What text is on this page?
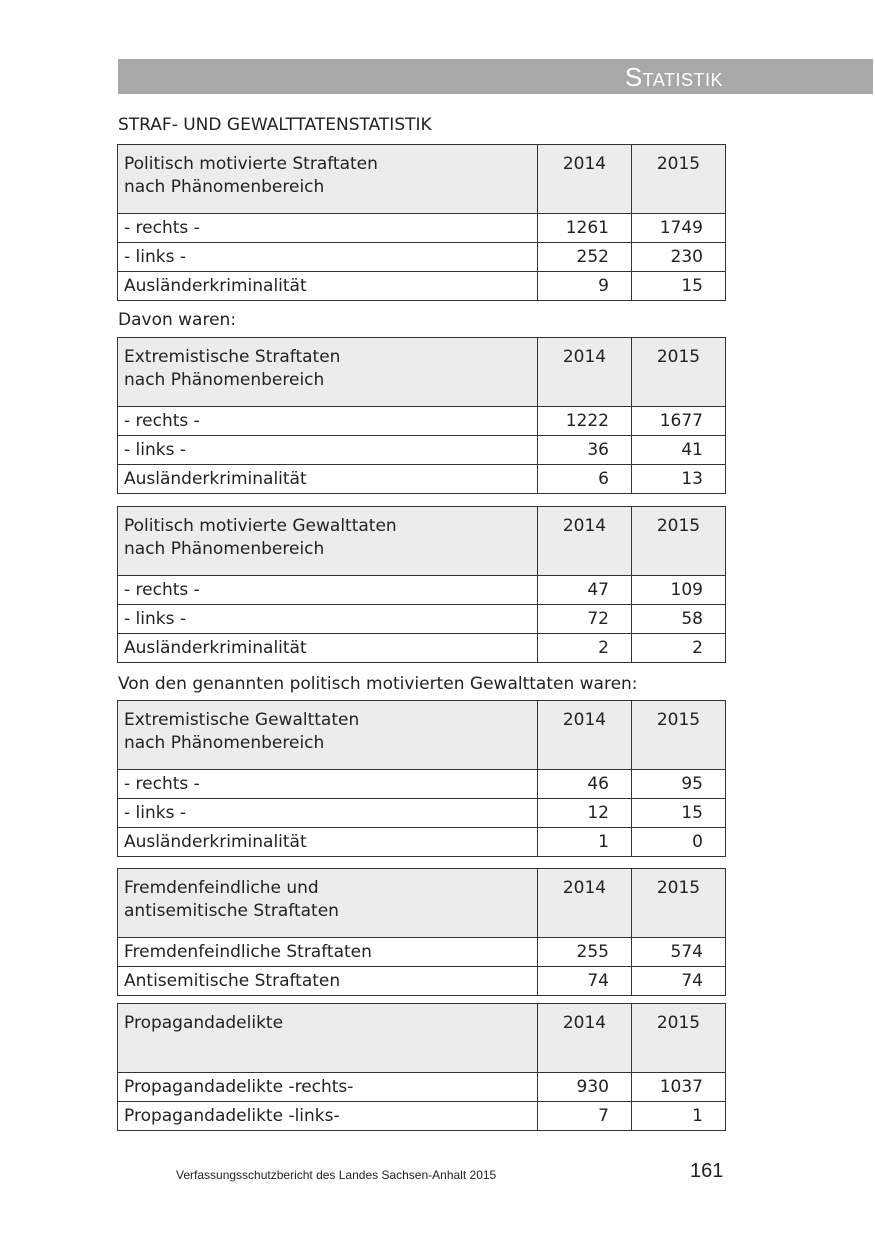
Statistik
STRAF- UND GEWALTTATENSTATISTIK
Politisch motivierte Straftaten
nach Phänomenbereich	2014	2015
- rechts -	1261	1749
- links -	252	230
Ausländerkriminalität	9	15
Davon waren:
Extremistische Straftaten
nach Phänomenbereich	2014	2015
- rechts -	1222	1677
- links -	36	41
Ausländerkriminalität	6	13
Politisch motivierte Gewalttaten
nach Phänomenbereich	2014	2015
- rechts -	47	109
- links -	72	58
Ausländerkriminalität	2	2
Von den genannten politisch motivierten Gewalttaten waren:
Extremistische Gewalttaten
nach Phänomenbereich	2014	2015
- rechts -	46	95
- links -	12	15
Ausländerkriminalität	1	0
Fremdenfeindliche und
antisemitische Straftaten	2014	2015
Fremdenfeindliche Straftaten	255	574
Antisemitische Straftaten	74	74
Propagandadelikte	2014	2015
Propagandadelikte -rechts-	930	1037
Propagandadelikte -links-	7	1
Verfassungsschutzbericht des Landes Sachsen-Anhalt 2015	161
